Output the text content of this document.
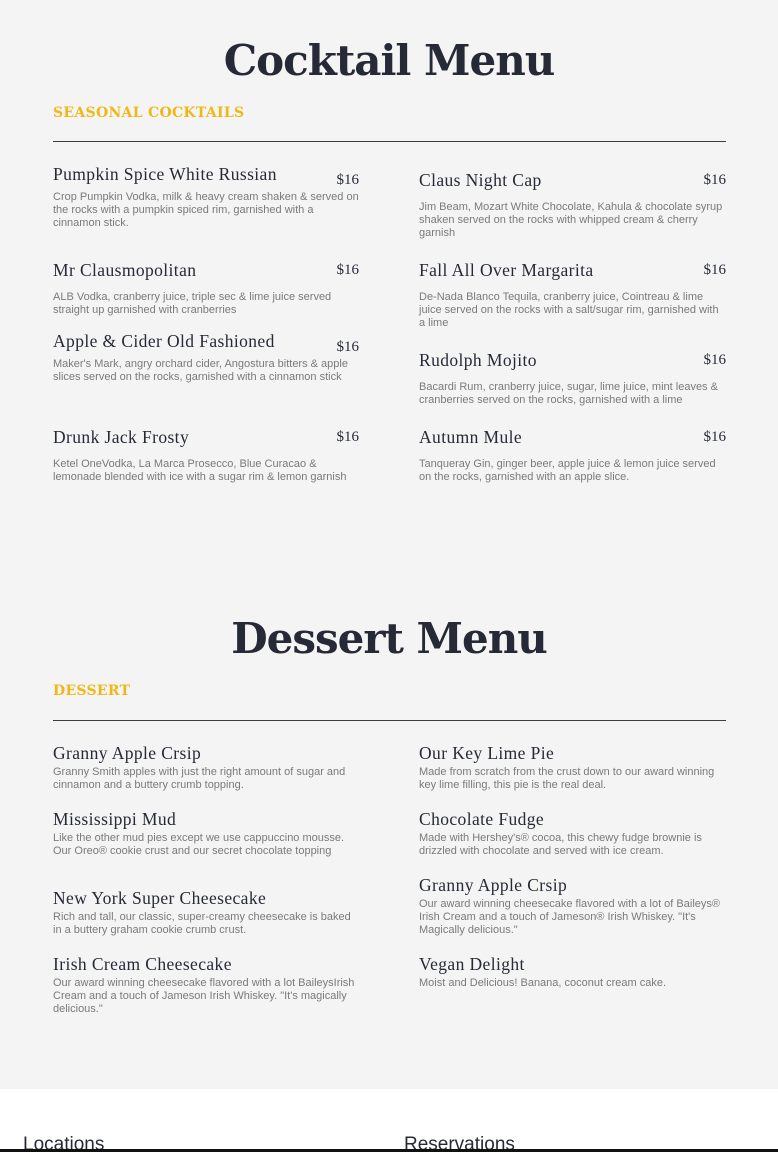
Cocktail Menu
SEASONAL COCKTAILS
Pumpkin Spice White Russian	$16
Crop Pumpkin Vodka, milk & heavy cream shaken & served on the rocks with a pumpkin spiced rim, garnished with a cinnamon stick.
Mr Clausmopolitan	$16
ALB Vodka, cranberry juice, triple sec & lime juice served straight up garnished with cranberries
Apple & Cider Old Fashioned	$16
Maker's Mark, angry orchard cider, Angostura bitters & apple slices served on the rocks, garnished with a cinnamon stick
Drunk Jack Frosty	$16
Ketel OneVodka, La Marca Prosecco, Blue Curacao & lemonade blended with ice with a sugar rim & lemon garnish
Claus Night Cap	$16
Jim Beam, Mozart White Chocolate, Kahula & chocolate syrup shaken served on the rocks with whipped cream & cherry garnish
Fall All Over Margarita	$16
De-Nada Blanco Tequila, cranberry juice, Cointreau & lime juice served on the rocks with a salt/sugar rim, garnished with a lime
Rudolph Mojito	$16
Bacardi Rum, cranberry juice, sugar, lime juice, mint leaves & cranberries served on the rocks, garnished with a lime
Autumn Mule	$16
Tanqueray Gin, ginger beer, apple juice & lemon juice served on the rocks, garnished with an apple slice.
Dessert Menu
DESSERT
Granny Apple Crsip
Granny Smith apples with just the right amount of sugar and cinnamon and a buttery crumb topping.
Mississippi Mud
Like the other mud pies except we use cappuccino mousse. Our Oreo® cookie crust and our secret chocolate topping
New York Super Cheesecake
Rich and tall, our classic, super-creamy cheesecake is baked in a buttery graham cookie crumb crust.
Irish Cream Cheesecake
Our award winning cheesecake flavored with a lot BaileysIrish Cream and a touch of Jameson Irish Whiskey. "It's magically delicious."
Our Key Lime Pie
Made from scratch from the crust down to our award winning key lime filling, this pie is the real deal.
Chocolate Fudge
Made with Hershey's® cocoa, this chewy fudge brownie is drizzled with chocolate and served with ice cream.
Granny Apple Crsip
Our award winning cheesecake flavored with a lot of Baileys® Irish Cream and a touch of Jameson® Irish Whiskey. "It's Magically delicious."
Vegan Delight
Moist and Delicious! Banana, coconut cream cake.
Locations	Reservations
